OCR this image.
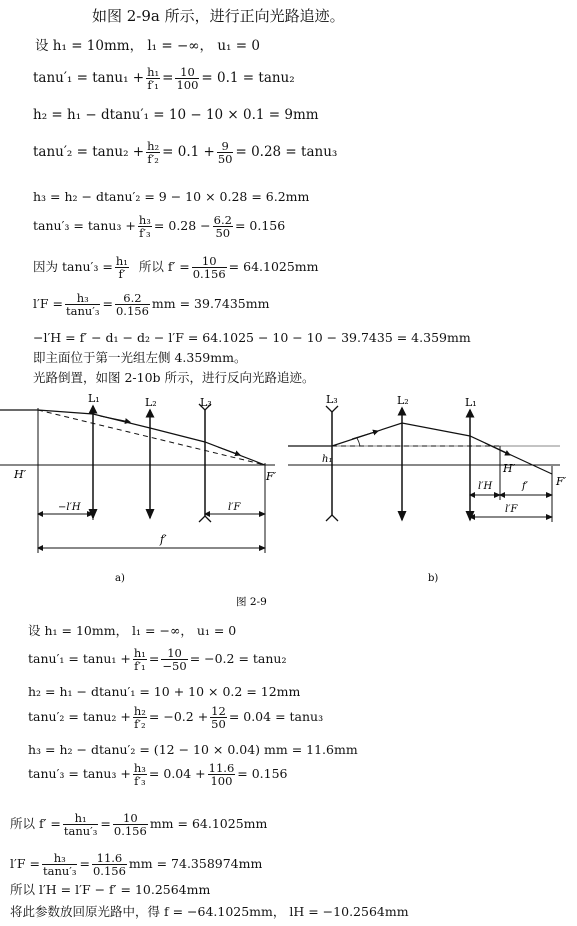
如图 2-9a 所示，进行正向光路追迹。
设 h₁ = 10mm， l₁ = −∞， u₁ = 0
$\tan u'_1 = \tan u_1 + \frac{\text{h₁}}{\text{f′₁}} = \frac{10}{100} = 0.1 = \tan u_2$
h₂ = h₁ − dtanu′₁ = 10 − 10 × 0.1 = 9mm
$\tan u'_2 = \tan u_2 + \frac{\text{h₂}}{\text{f′₂}} = 0.1 + \frac{9}{50} = 0.28 = \tan u_3$
h₃ = h₂ − dtanu′₂ = 9 − 10 × 0.28 = 6.2mm
$\tan u'_3 = \tan u_3 + \frac{\text{h₃}}{\text{f′₃}} = 0.28 - \frac{6.2}{50} = 0.156$
因为 $\tan u'_3 = \frac{\text{h₁}}{f'}$ 所以 $f' = \frac{10}{0.156} = 64.1025mm$
$l'F = \frac{\text{h₃}}{\text{tanu′₃}} = \frac{6.2}{0.156}$ mm = 39.7435mm
−l′H = f′ − d₁ − d₂ − l′F = 64.1025 − 10 − 10 − 39.7435 = 4.359mm
即主面位于第一光组左侧 4.359mm。
光路倒置，如图 2-10b 所示，进行反向光路追迹。
L₁	L₂	L₃
H′	F′
−l′H	l′F
f′
a)
L₃	L₂	L₁
h₁
H′
F′
l′H	f′
l′F
b)
图 2-9
设 h₁ = 10mm， l₁ = −∞， u₁ = 0
$\tan u'_1 = \tan u_1 + \frac{\text{h₁}}{\text{f′₁}} = \frac{10}{-50} = -0.2 = \tan u_2$
h₂ = h₁ − dtanu′₁ = 10 + 10 × 0.2 = 12mm
$\tan u'_2 = \tan u_2 + \frac{\text{h₂}}{\text{f′₂}} = -0.2 + \frac{12}{50} = 0.04 = \tan u_3$
h₃ = h₂ − dtanu′₂ = (12 − 10 × 0.04) mm = 11.6mm
$\tan u'_3 = \tan u_3 + \frac{\text{h₃}}{\text{f′₃}} = 0.04 + \frac{11.6}{100} = 0.156$
所以 $f' = \frac{\text{h₁}}{\text{tanu′₃}} = \frac{10}{0.156}$ mm = 64.1025mm
$l'F = \frac{\text{h₃}}{\text{tanu′₃}} = \frac{11.6}{0.156}$ mm = 74.358974mm
所以 l′H = l′F − f′ = 10.2564mm
将此参数放回原光路中，得 f = −64.1025mm， lH = −10.2564mm
